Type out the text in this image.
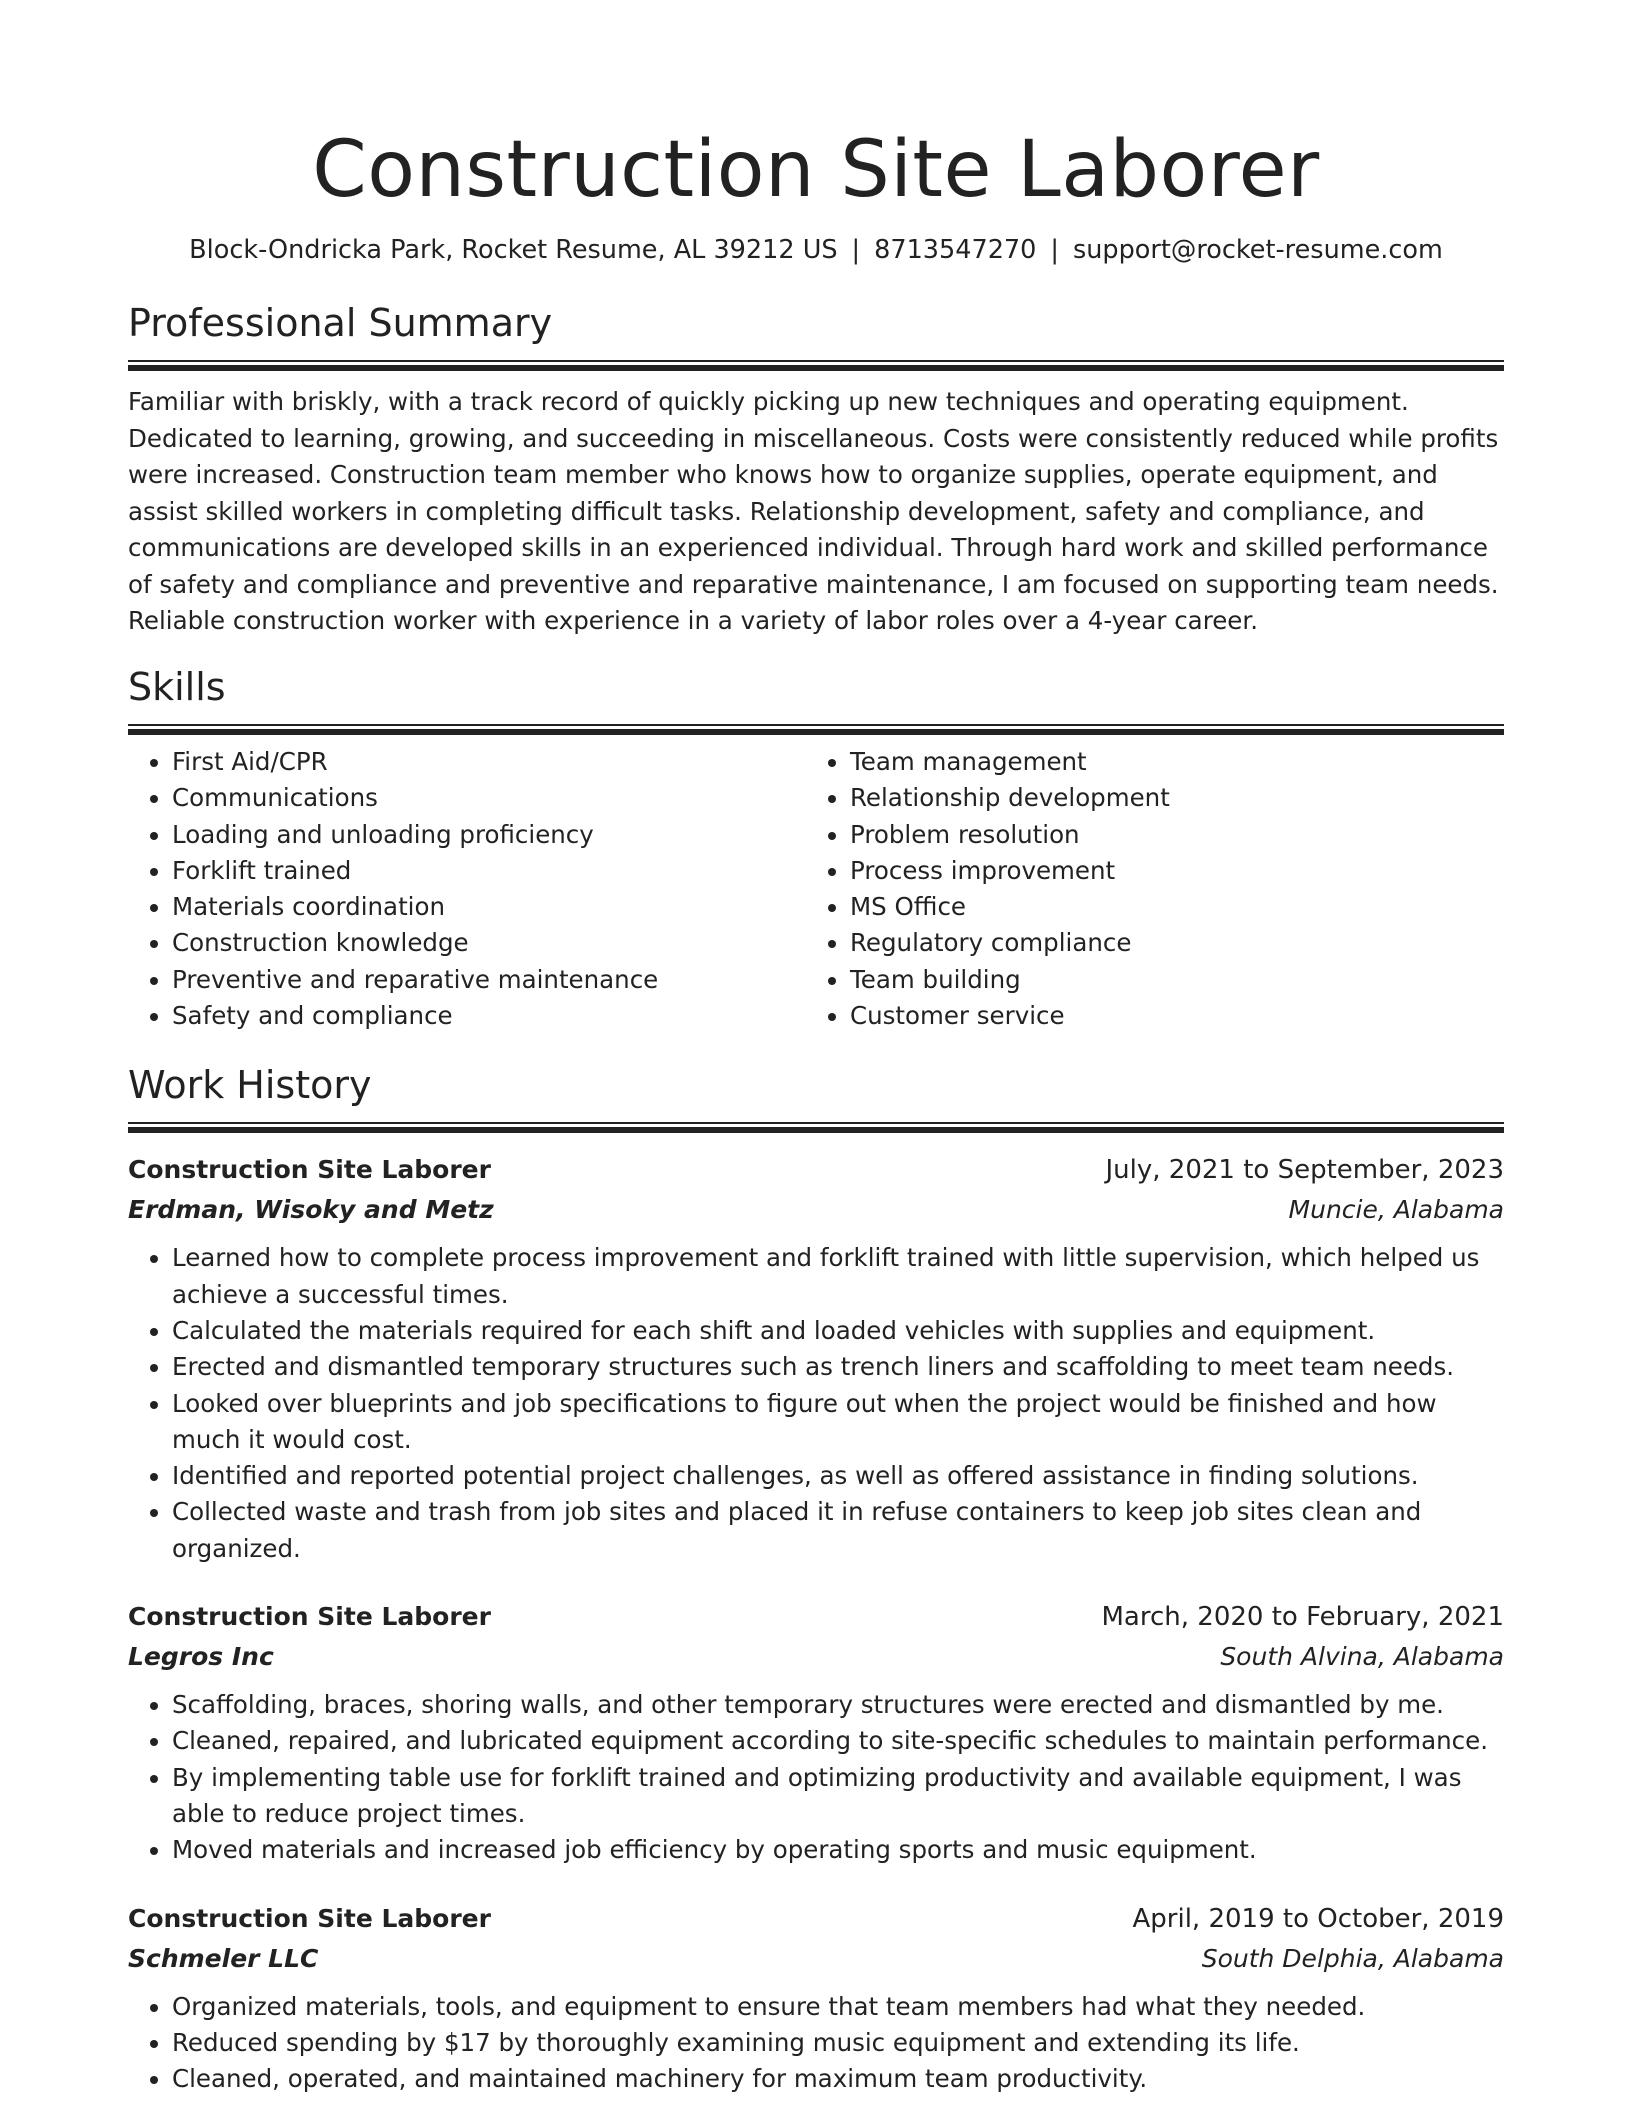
Construction Site Laborer
Block-Ondricka Park, Rocket Resume, AL 39212 US | 8713547270 | support@rocket-resume.com
Professional Summary

Familiar with briskly, with a track record of quickly picking up new techniques and operating equipment. Dedicated to learning, growing, and succeeding in miscellaneous. Costs were consistently reduced while profits were increased. Construction team member who knows how to organize supplies, operate equipment, and assist skilled workers in completing difficult tasks. Relationship development, safety and compliance, and communications are developed skills in an experienced individual. Through hard work and skilled performance of safety and compliance and preventive and reparative maintenance, I am focused on supporting team needs. Reliable construction worker with experience in a variety of labor roles over a 4-year career.

Skills
• First Aid/CPR
• Communications
• Loading and unloading proficiency
• Forklift trained
• Materials coordination
• Construction knowledge
• Preventive and reparative maintenance
• Safety and compliance
• Team management
• Relationship development
• Problem resolution
• Process improvement
• MS Office
• Regulatory compliance
• Team building
• Customer service
Work History
Construction Site Laborer	July, 2021 to September, 2023
Erdman, Wisoky and Metz	Muncie, Alabama
• Learned how to complete process improvement and forklift trained with little supervision, which helped us achieve a successful times.
• Calculated the materials required for each shift and loaded vehicles with supplies and equipment.
• Erected and dismantled temporary structures such as trench liners and scaffolding to meet team needs.
• Looked over blueprints and job specifications to figure out when the project would be finished and how much it would cost.
• Identified and reported potential project challenges, as well as offered assistance in finding solutions.
• Collected waste and trash from job sites and placed it in refuse containers to keep job sites clean and organized.
Construction Site Laborer	March, 2020 to February, 2021
Legros Inc	South Alvina, Alabama
• Scaffolding, braces, shoring walls, and other temporary structures were erected and dismantled by me.
• Cleaned, repaired, and lubricated equipment according to site-specific schedules to maintain performance.
• By implementing table use for forklift trained and optimizing productivity and available equipment, I was able to reduce project times.
• Moved materials and increased job efficiency by operating sports and music equipment.
Construction Site Laborer	April, 2019 to October, 2019
Schmeler LLC	South Delphia, Alabama
• Organized materials, tools, and equipment to ensure that team members had what they needed.
• Reduced spending by $17 by thoroughly examining music equipment and extending its life.
• Cleaned, operated, and maintained machinery for maximum team productivity.
